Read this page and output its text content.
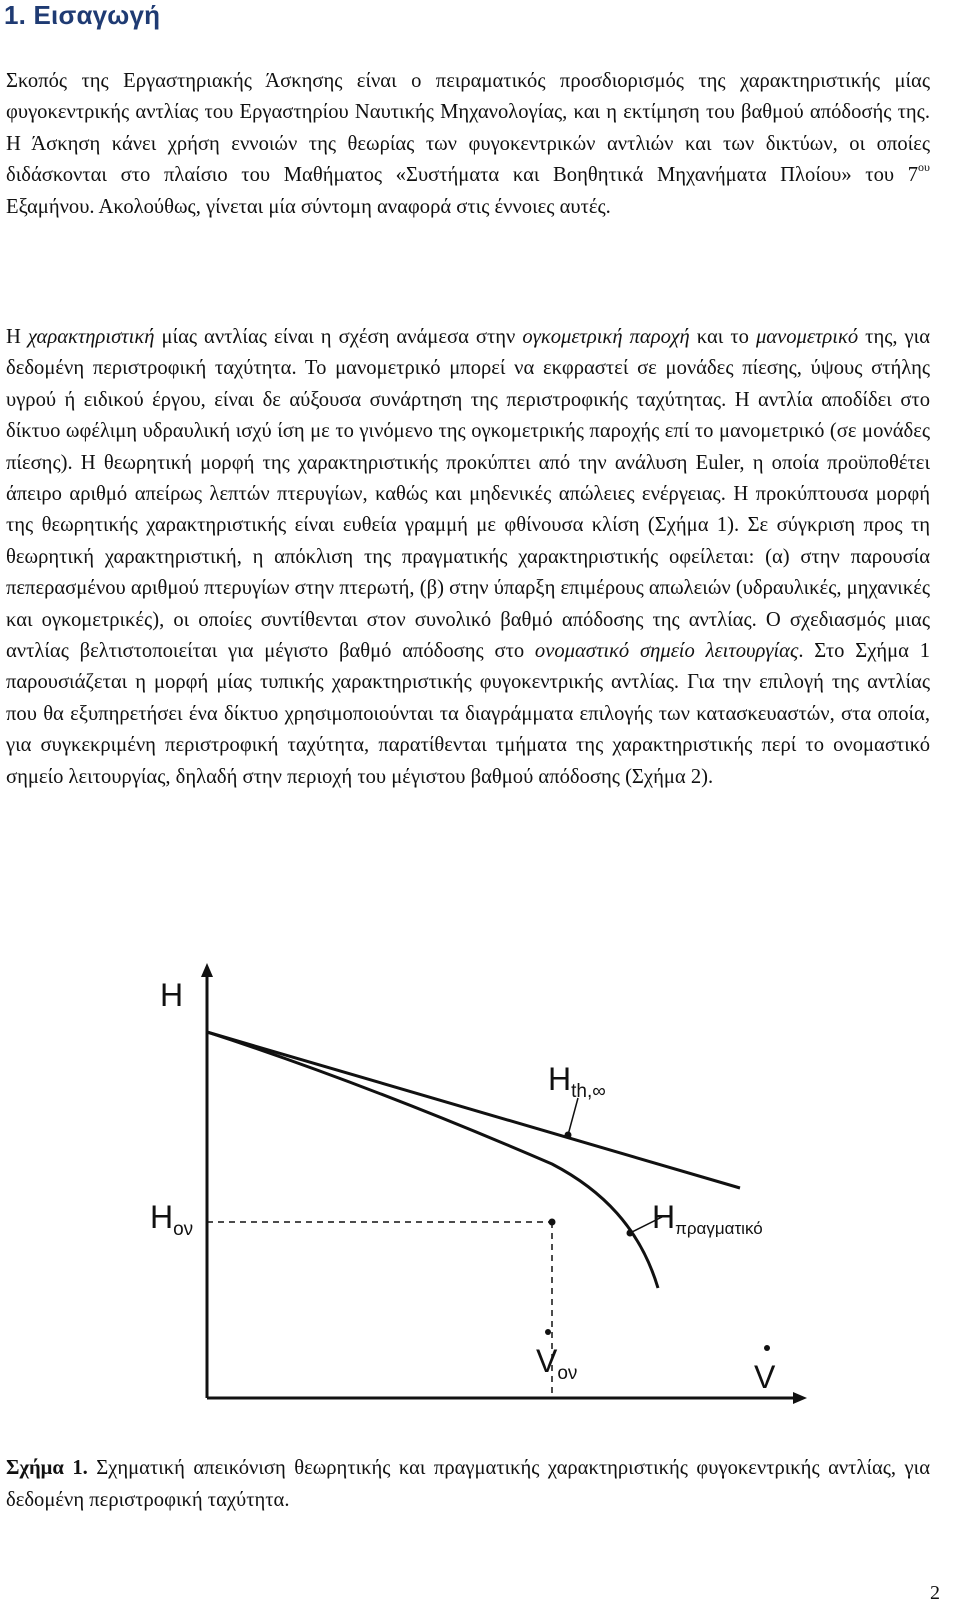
1. Εισαγωγή

Σκοπός της Εργαστηριακής Άσκησης είναι ο πειραματικός προσδιορισμός της χαρακτηριστικής μίας φυγοκεντρικής αντλίας του Εργαστηρίου Ναυτικής Μηχανολογίας, και η εκτίμηση του βαθμού απόδοσής της. Η Άσκηση κάνει χρήση εννοιών της θεωρίας των φυγοκεντρικών αντλιών και των δικτύων, οι οποίες διδάσκονται στο πλαίσιο του Μαθήματος «Συστήματα και Βοηθητικά Μηχανήματα Πλοίου» του $7^{o\upsilon}$ Εξαμήνου. Ακολούθως, γίνεται μία σύντομη αναφορά στις έννοιες αυτές.

Η χαρακτηριστική μίας αντλίας είναι η σχέση ανάμεσα στην ογκομετρική παροχή και το μανομετρικό της, για δεδομένη περιστροφική ταχύτητα. Το μανομετρικό μπορεί να εκφραστεί σε μονάδες πίεσης, ύψους στήλης υγρού ή ειδικού έργου, είναι δε αύξουσα συνάρτηση της περιστροφικής ταχύτητας. Η αντλία αποδίδει στο δίκτυο ωφέλιμη υδραυλική ισχύ ίση με το γινόμενο της ογκομετρικής παροχής επί το μανομετρικό (σε μονάδες πίεσης). Η θεωρητική μορφή της χαρακτηριστικής προκύπτει από την ανάλυση Euler, η οποία προϋποθέτει άπειρο αριθμό απείρως λεπτών πτερυγίων, καθώς και μηδενικές απώλειες ενέργειας. Η προκύπτουσα μορφή της θεωρητικής χαρακτηριστικής είναι ευθεία γραμμή με φθίνουσα κλίση (Σχήμα 1). Σε σύγκριση προς τη θεωρητική χαρακτηριστική, η απόκλιση της πραγματικής χαρακτηριστικής οφείλεται: (α) στην παρουσία πεπερασμένου αριθμού πτερυγίων στην πτερωτή, (β) στην ύπαρξη επιμέρους απωλειών (υδραυλικές, μηχανικές και ογκομετρικές), οι οποίες συντίθενται στον συνολικό βαθμό απόδοσης της αντλίας. Ο σχεδιασμός μιας αντλίας βελτιστοποιείται για μέγιστο βαθμό απόδοσης στο ονομαστικό σημείο λειτουργίας. Στο Σχήμα 1 παρουσιάζεται η μορφή μίας τυπικής χαρακτηριστικής φυγοκεντρικής αντλίας. Για την επιλογή της αντλίας που θα εξυπηρετήσει ένα δίκτυο χρησιμοποιούνται τα διαγράμματα επιλογής των κατασκευαστών, στα οποία, για συγκεκριμένη περιστροφική ταχύτητα, παρατίθενται τμήματα της χαρακτηριστικής περί το ονομαστικό σημείο λειτουργίας, δηλαδή στην περιοχή του μέγιστου βαθμού απόδοσης (Σχήμα 2).

H
$H_{th,\infty}$
$H_{o\nu}$	Hπραγματικό
$V_{o\nu}$	V

Σχήμα 1. Σχηματική απεικόνιση θεωρητικής και πραγματικής χαρακτηριστικής φυγοκεντρικής αντλίας, για δεδομένη περιστροφική ταχύτητα.

2
